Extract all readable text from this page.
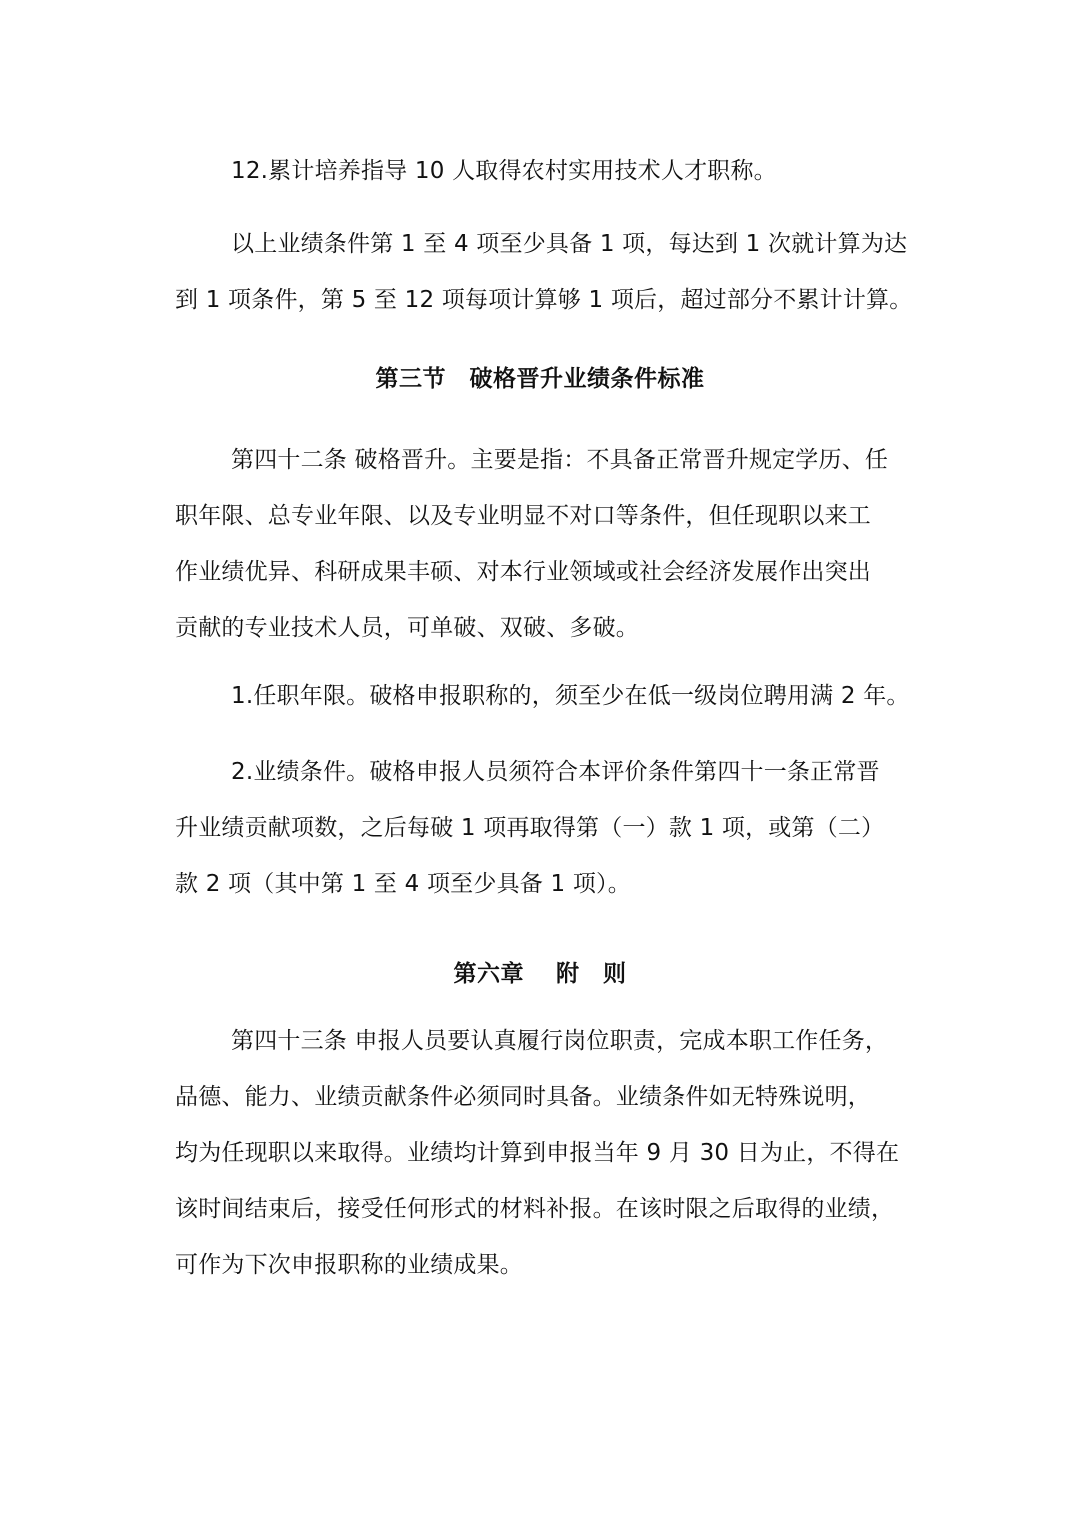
12.累计培养指导 10 人取得农村实用技术人才职称。
以上业绩条件第 1 至 4 项至少具备 1 项，每达到 1 次就计算为达
到 1 项条件，第 5 至 12 项每项计算够 1 项后，超过部分不累计计算。
第三节　破格晋升业绩条件标准
第四十二条 破格晋升。主要是指：不具备正常晋升规定学历、任
职年限、总专业年限、以及专业明显不对口等条件，但任现职以来工
作业绩优异、科研成果丰硕、对本行业领域或社会经济发展作出突出
贡献的专业技术人员，可单破、双破、多破。
1.任职年限。破格申报职称的，须至少在低一级岗位聘用满 2 年。
2.业绩条件。破格申报人员须符合本评价条件第四十一条正常晋
升业绩贡献项数，之后每破 1 项再取得第（一）款 1 项，或第（二）
款 2 项（其中第 1 至 4 项至少具备 1 项）。
第六章　 附　则
第四十三条 申报人员要认真履行岗位职责，完成本职工作任务，
品德、能力、业绩贡献条件必须同时具备。业绩条件如无特殊说明，
均为任现职以来取得。业绩均计算到申报当年 9 月 30 日为止，不得在
该时间结束后，接受任何形式的材料补报。在该时限之后取得的业绩，
可作为下次申报职称的业绩成果。
